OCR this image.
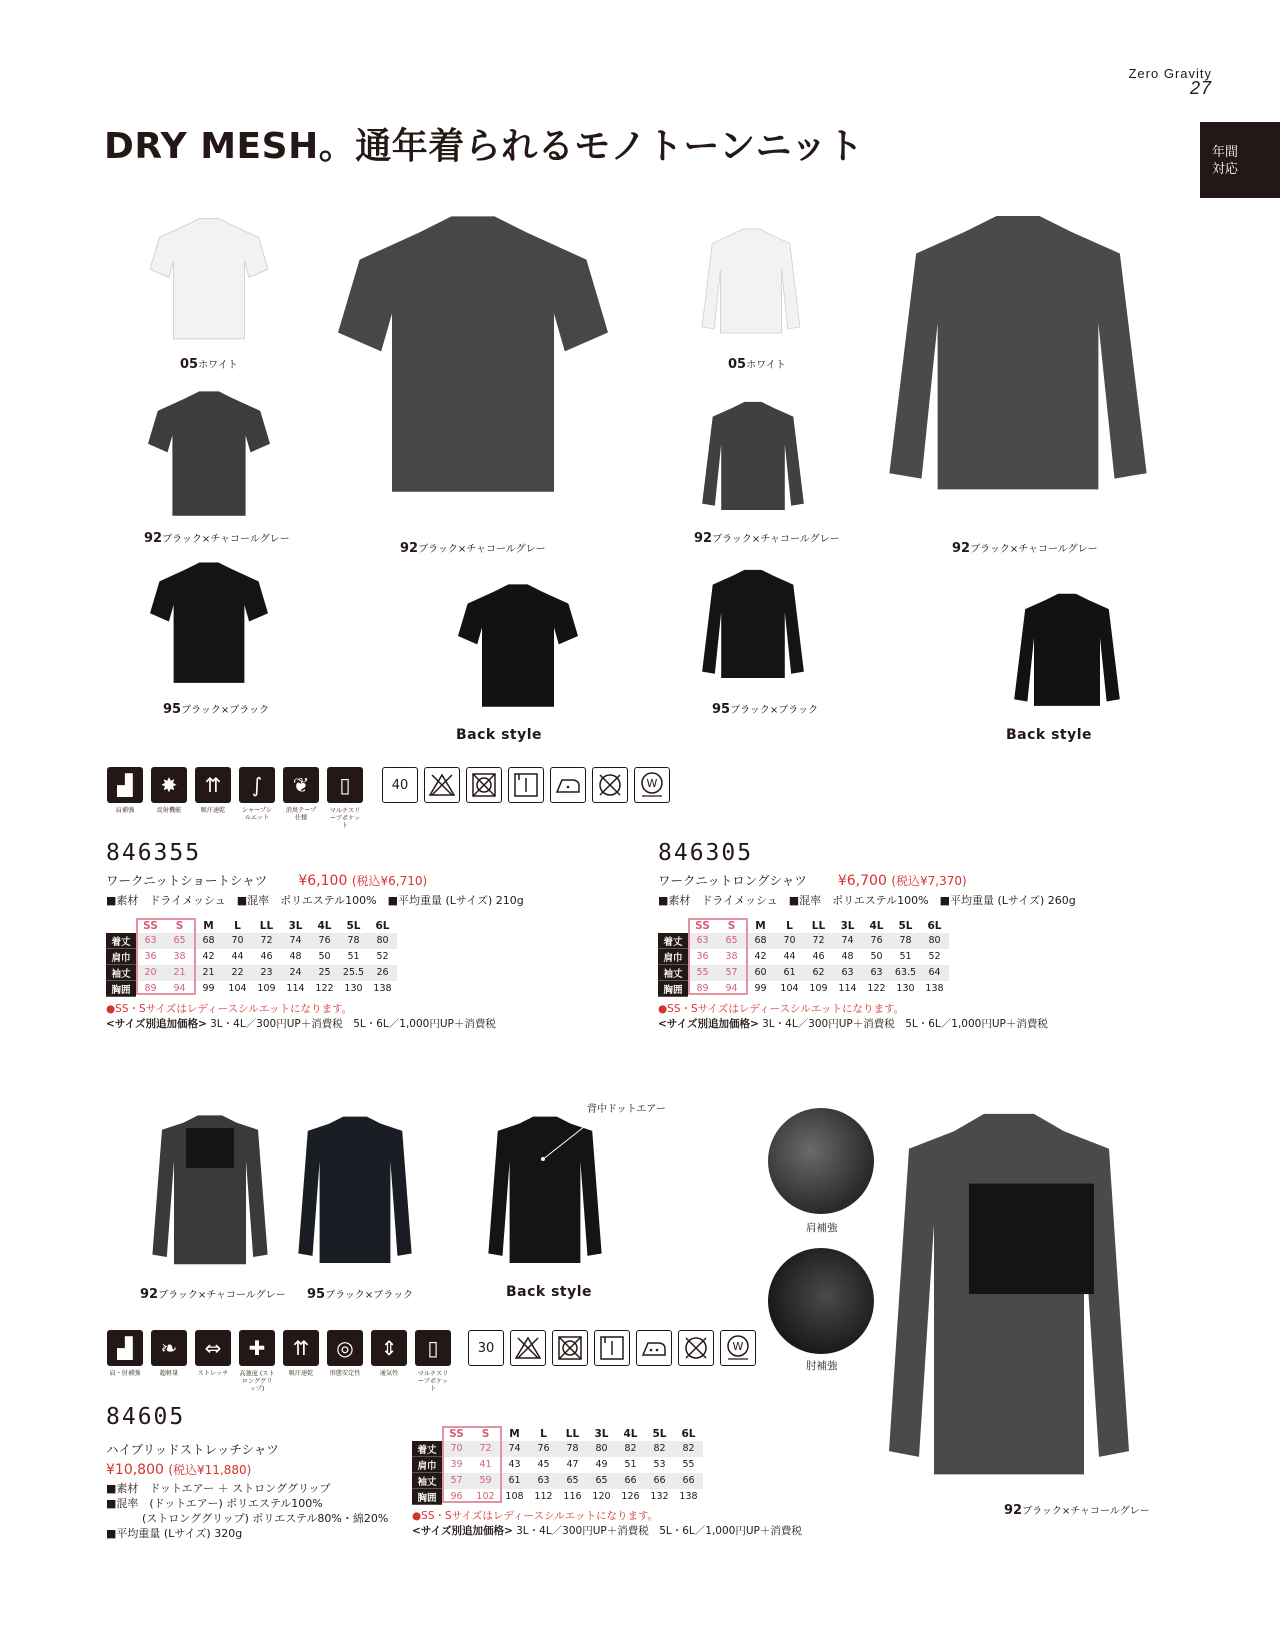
Zero Gravity
27
年間
対応
DRY MESH。通年着られるモノトーンニット
05ホワイト
92ブラック×チャコールグレー
95ブラック×ブラック
92ブラック×チャコールグレー
Back style
05ホワイト
92ブラック×チャコールグレー
95ブラック×ブラック
92ブラック×チャコールグレー
Back style
▟
肩補強
✸
反射機能
⇈
吸汗速乾
∫
シャープシルエット
❦
消臭テープ仕様
▯
マルチスリーブポケット
40	W
846355
ワークニットショートシャツ ¥6,100 (税込¥6,710)
■素材　ドライメッシュ　■混率　ポリエステル100%　■平均重量 (Lサイズ) 210g
	SS	S	M	L	LL	3L	4L	5L	6L
着丈	63	65	68	70	72	74	76	78	80
肩巾	36	38	42	44	46	48	50	51	52
袖丈	20	21	21	22	23	24	25	25.5	26
胸囲	89	94	99	104	109	114	122	130	138
●SS・Sサイズはレディースシルエットになります。
<サイズ別追加価格> 3L・4L／300円UP＋消費税　5L・6L／1,000円UP＋消費税
846305
ワークニットロングシャツ ¥6,700 (税込¥7,370)
■素材　ドライメッシュ　■混率　ポリエステル100%　■平均重量 (Lサイズ) 260g
	SS	S	M	L	LL	3L	4L	5L	6L
着丈	63	65	68	70	72	74	76	78	80
肩巾	36	38	42	44	46	48	50	51	52
袖丈	55	57	60	61	62	63	63	63.5	64
胸囲	89	94	99	104	109	114	122	130	138
●SS・Sサイズはレディースシルエットになります。
<サイズ別追加価格> 3L・4L／300円UP＋消費税　5L・6L／1,000円UP＋消費税
92ブラック×チャコールグレー 95ブラック×ブラック
背中ドットエアー
Back style
肩補強
肘補強
92ブラック×チャコールグレー
▟
肩・肘補強
❧
超軽量
⇔
ストレッチ
✚
高強度 (ストロンググリップ)
⇈
吸汗速乾
◎
形態安定性
⇕
通気性
▯
マルチスリーブポケット
30	W
84605
ハイブリッドストレッチシャツ
¥10,800 (税込¥11,880)
■素材　ドットエアー ＋ ストロンググリップ
■混率　(ドットエアー) ポリエステル100%
(ストロンググリップ) ポリエステル80%・綿20%
■平均重量 (Lサイズ) 320g
	SS	S	M	L	LL	3L	4L	5L	6L
着丈	70	72	74	76	78	80	82	82	82
肩巾	39	41	43	45	47	49	51	53	55
袖丈	57	59	61	63	65	65	66	66	66
胸囲	96	102	108	112	116	120	126	132	138
●SS・Sサイズはレディースシルエットになります。
<サイズ別追加価格> 3L・4L／300円UP＋消費税　5L・6L／1,000円UP＋消費税
